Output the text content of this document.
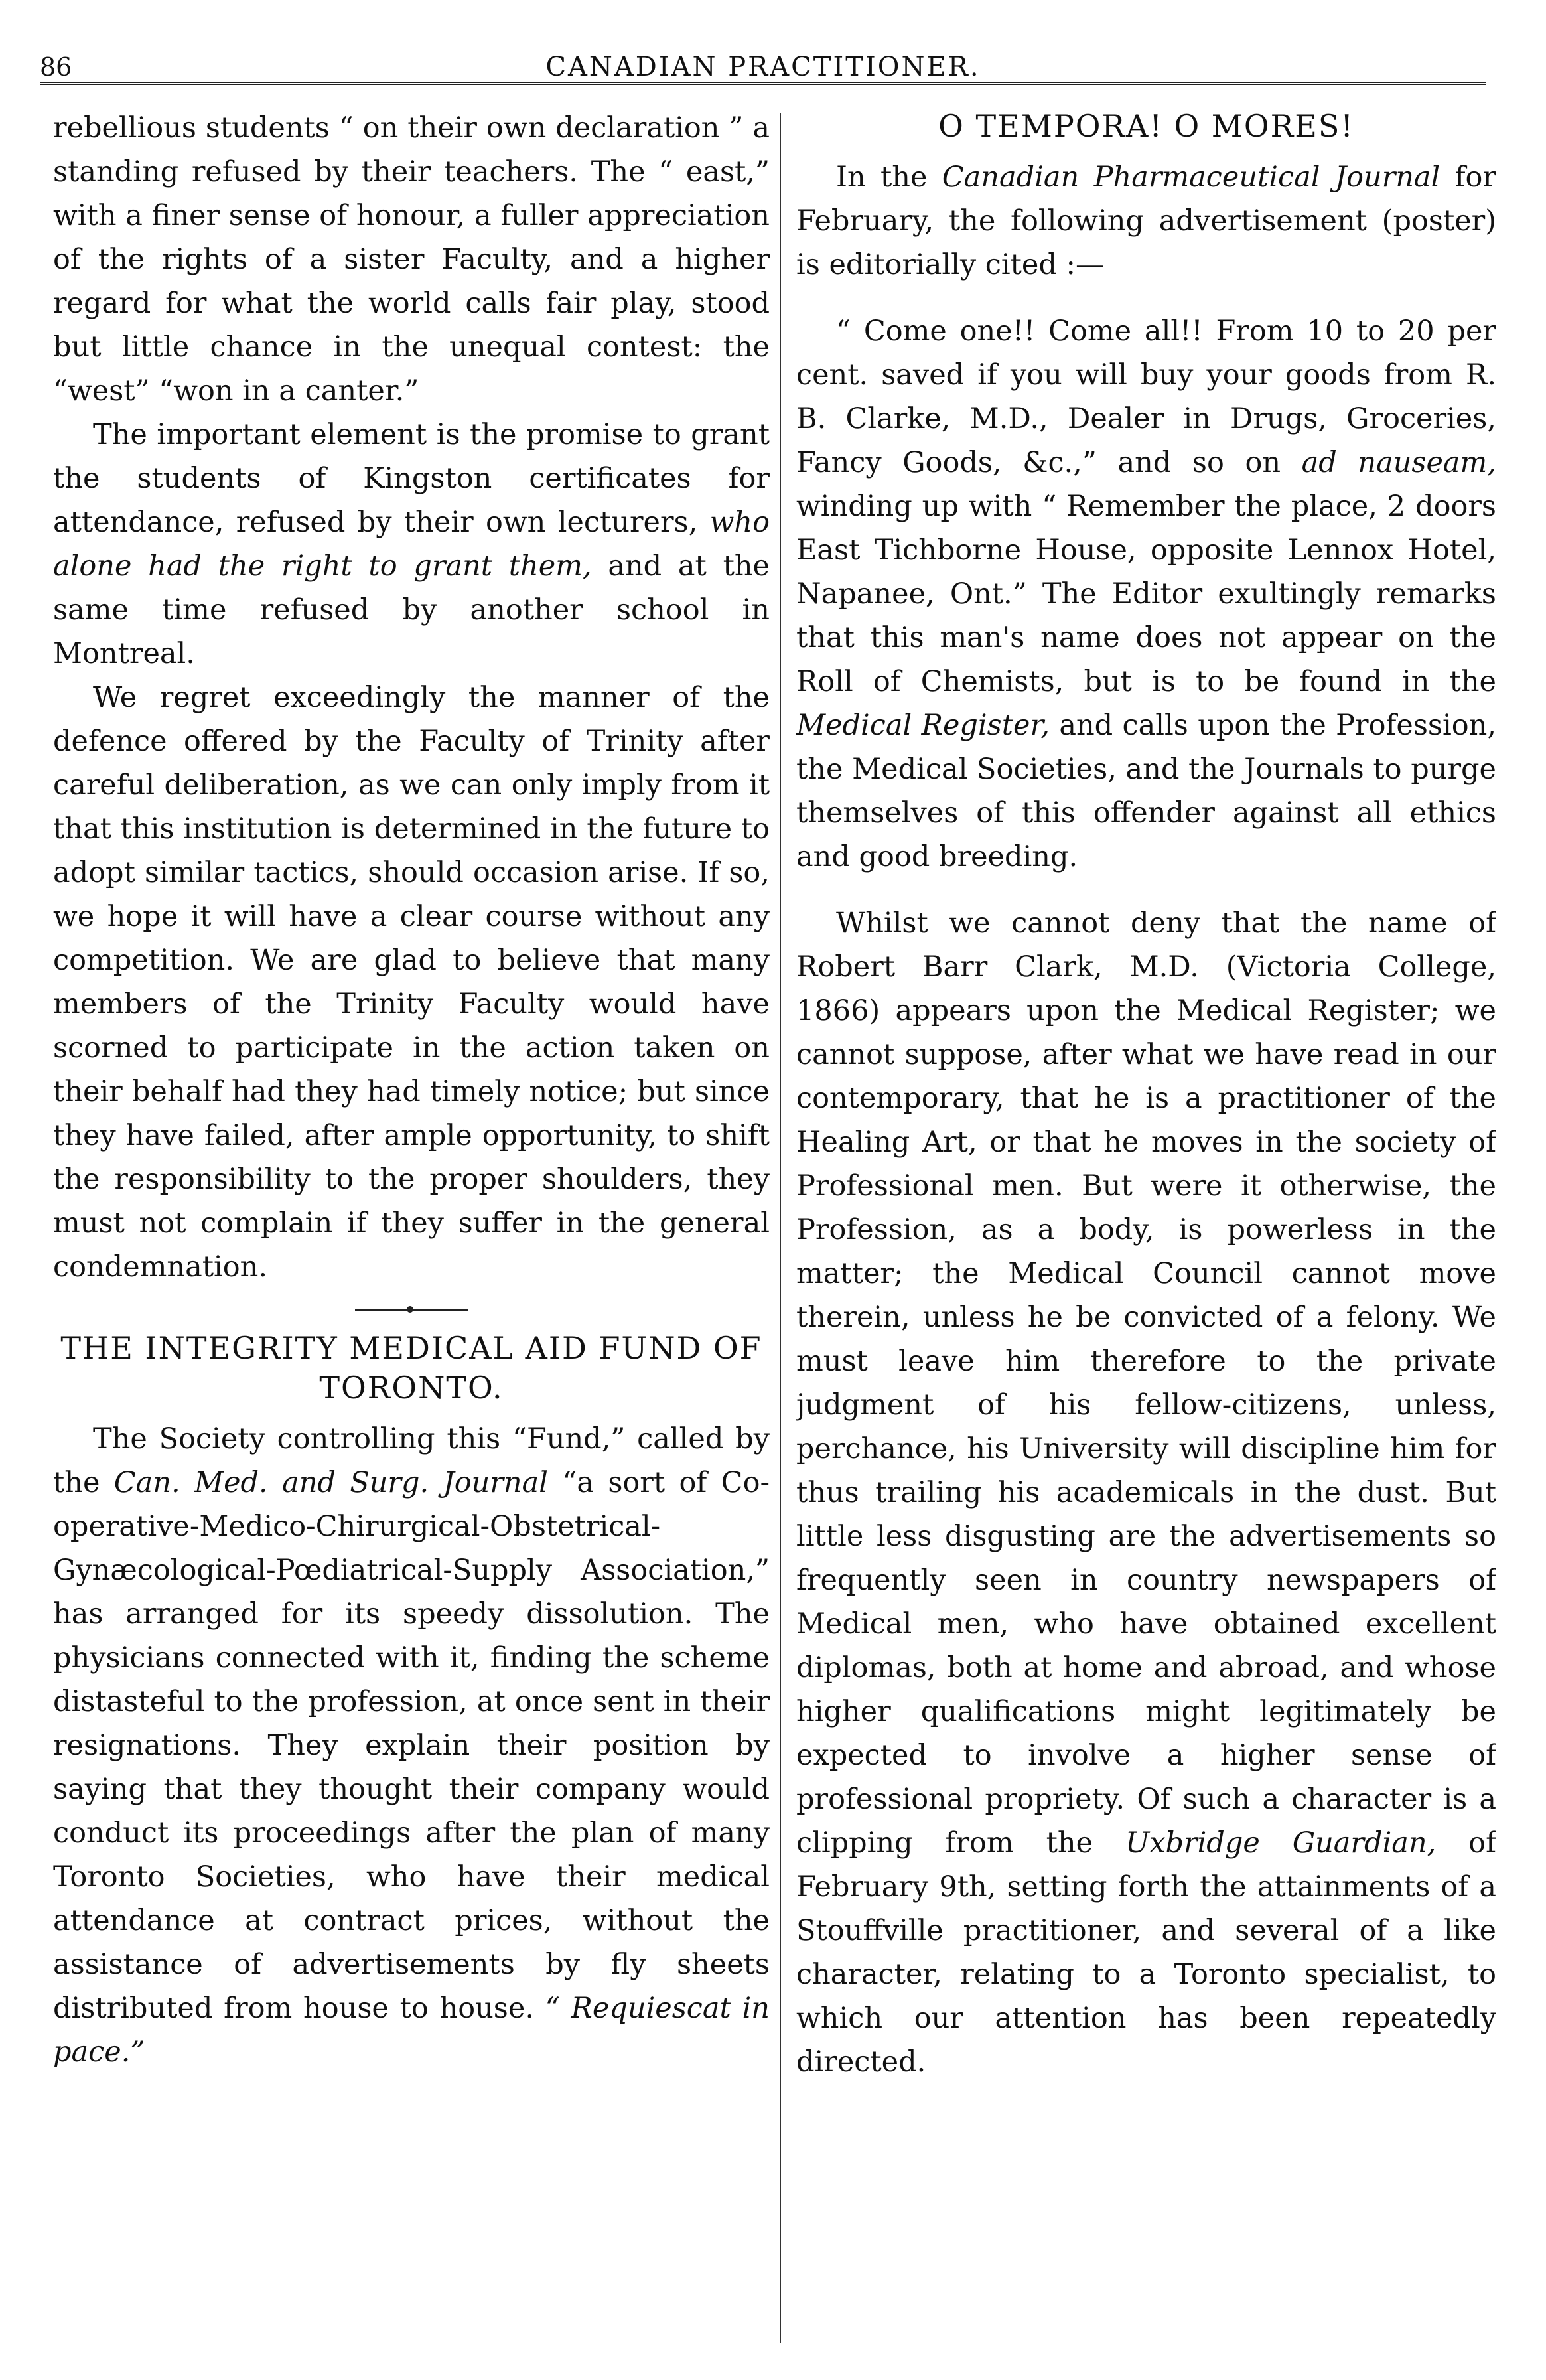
86	CANADIAN PRACTITIONER.

rebellious students “ on their own declaration ” a standing refused by their teachers. The “ east,” with a finer sense of honour, a fuller appreciation of the rights of a sister Faculty, and a higher regard for what the world calls fair play, stood but little chance in the unequal contest: the “west” “won in a canter.”

The important element is the promise to grant the students of Kingston certificates for attendance, refused by their own lecturers, who alone had the right to grant them, and at the same time refused by another school in Montreal.

We regret exceedingly the manner of the defence offered by the Faculty of Trinity after careful deliberation, as we can only imply from it that this institution is determined in the future to adopt similar tactics, should occasion arise. If so, we hope it will have a clear course without any competition. We are glad to believe that many members of the Trinity Faculty would have scorned to participate in the action taken on their behalf had they had timely notice; but since they have failed, after ample opportunity, to shift the responsibility to the proper shoulders, they must not complain if they suffer in the general condemnation.

THE INTEGRITY MEDICAL AID FUND OF TORONTO.

The Society controlling this “Fund,” called by the Can. Med. and Surg. Journal “a sort of Co-operative-Medico-Chirurgical-Obstetrical-Gynæcological-Pœdiatrical-Supply Association,” has arranged for its speedy dissolution. The physicians connected with it, finding the scheme distasteful to the profession, at once sent in their resignations. They explain their position by saying that they thought their company would conduct its proceedings after the plan of many Toronto Societies, who have their medical attendance at contract prices, without the assistance of advertisements by fly sheets distributed from house to house. “ Requiescat in pace.”

O TEMPORA! O MORES!

In the Canadian Pharmaceutical Journal for February, the following advertisement (poster) is editorially cited :—

“ Come one!! Come all!! From 10 to 20 per cent. saved if you will buy your goods from R. B. Clarke, M.D., Dealer in Drugs, Groceries, Fancy Goods, &c.,” and so on ad nauseam, winding up with “ Remember the place, 2 doors East Tichborne House, opposite Lennox Hotel, Napanee, Ont.” The Editor exultingly remarks that this man's name does not appear on the Roll of Chemists, but is to be found in the Medical Register, and calls upon the Profession, the Medical Societies, and the Journals to purge themselves of this offender against all ethics and good breeding.

Whilst we cannot deny that the name of Robert Barr Clark, M.D. (Victoria College, 1866) appears upon the Medical Register; we cannot suppose, after what we have read in our contemporary, that he is a practitioner of the Healing Art, or that he moves in the society of Professional men. But were it otherwise, the Profession, as a body, is powerless in the matter; the Medical Council cannot move therein, unless he be convicted of a felony. We must leave him therefore to the private judgment of his fellow-citizens, unless, perchance, his University will discipline him for thus trailing his academicals in the dust. But little less disgusting are the advertisements so frequently seen in country newspapers of Medical men, who have obtained excellent diplomas, both at home and abroad, and whose higher qualifications might legitimately be expected to involve a higher sense of professional propriety. Of such a character is a clipping from the Uxbridge Guardian, of February 9th, setting forth the attainments of a Stouffville practitioner, and several of a like character, relating to a Toronto specialist, to which our attention has been repeatedly directed.
